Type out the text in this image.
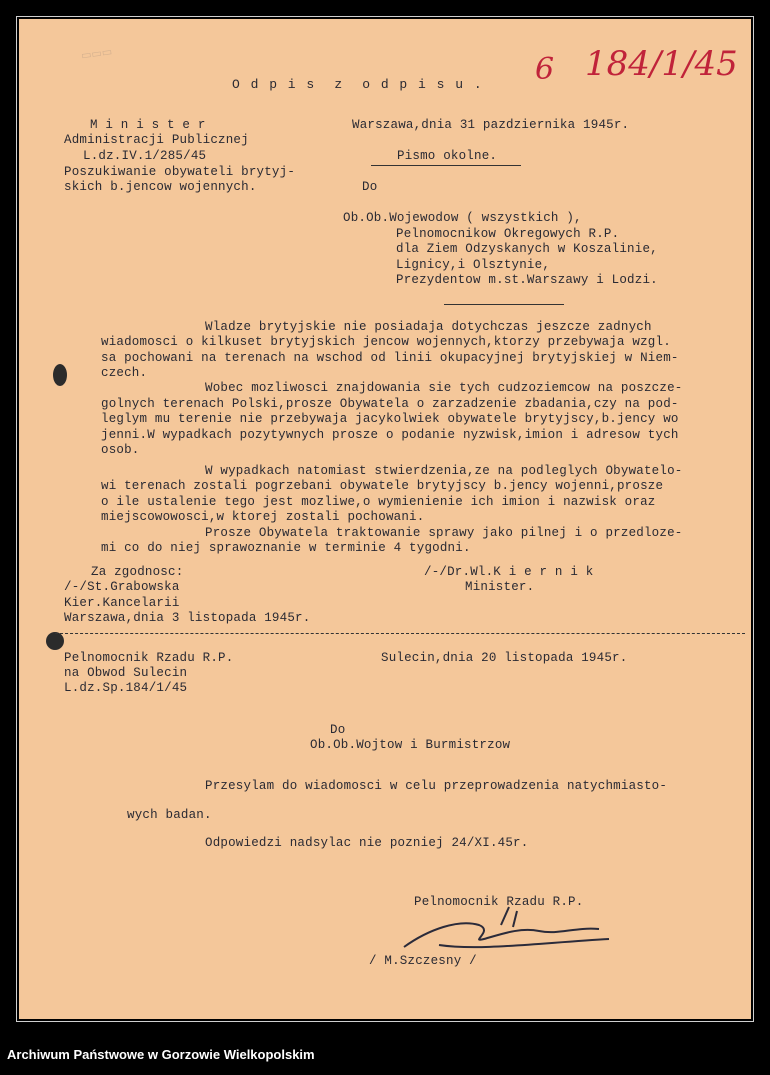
▭▭▭	6 184/1/45
O d p i s  z  o d p i s u .
M i n i s t e r
Administracji Publicznej
L.dz.IV.1/285/45
Poszukiwanie obywateli brytyj-
skich b.jencow wojennych.
Warszawa,dnia 31 pazdziernika 1945r.
Pismo okolne.
Do
Ob.Ob.Wojewodow ( wszystkich ),
Pelnomocnikow Okregowych R.P.
dla Ziem Odzyskanych w Koszalinie,
Lignicy,i Olsztynie,
Prezydentow m.st.Warszawy i Lodzi.
Wladze brytyjskie nie posiadaja dotychczas jeszcze zadnych
wiadomosci o kilkuset brytyjskich jencow wojennych,ktorzy przebywaja wzgl.
sa pochowani na terenach na wschod od linii okupacyjnej brytyjskiej w Niem-
czech.
Wobec mozliwosci znajdowania sie tych cudzoziemcow na poszcze-
golnych terenach Polski,prosze Obywatela o zarzadzenie zbadania,czy na pod-
leglym mu terenie nie przebywaja jacykolwiek obywatele brytyjscy,b.jency wo
jenni.W wypadkach pozytywnych prosze o podanie nyzwisk,imion i adresow tych
osob.
W wypadkach natomiast stwierdzenia,ze na podleglych Obywatelo-
wi terenach zostali pogrzebani obywatele brytyjscy b.jency wojenni,prosze
o ile ustalenie tego jest mozliwe,o wymienienie ich imion i nazwisk oraz
miejscowowosci,w ktorej zostali pochowani.
Prosze Obywatela traktowanie sprawy jako pilnej i o przedloze-
mi co do niej sprawoznanie w terminie 4 tygodni.
Za zgodnosc:
/-/St.Grabowska
Kier.Kancelarii
Warszawa,dnia 3 listopada 1945r.
/-/Dr.Wl.K i e r n i k
Minister.
Pelnomocnik Rzadu R.P.
na Obwod Sulecin
L.dz.Sp.184/1/45
Sulecin,dnia 20 listopada 1945r.
Do
Ob.Ob.Wojtow i Burmistrzow
Przesylam do wiadomosci w celu przeprowadzenia natychmiasto-
wych badan.
Odpowiedzi nadsylac nie pozniej 24/XI.45r.
Pelnomocnik Rzadu R.P.
/ M.Szczesny /
Archiwum Państwowe w Gorzowie Wielkopolskim
